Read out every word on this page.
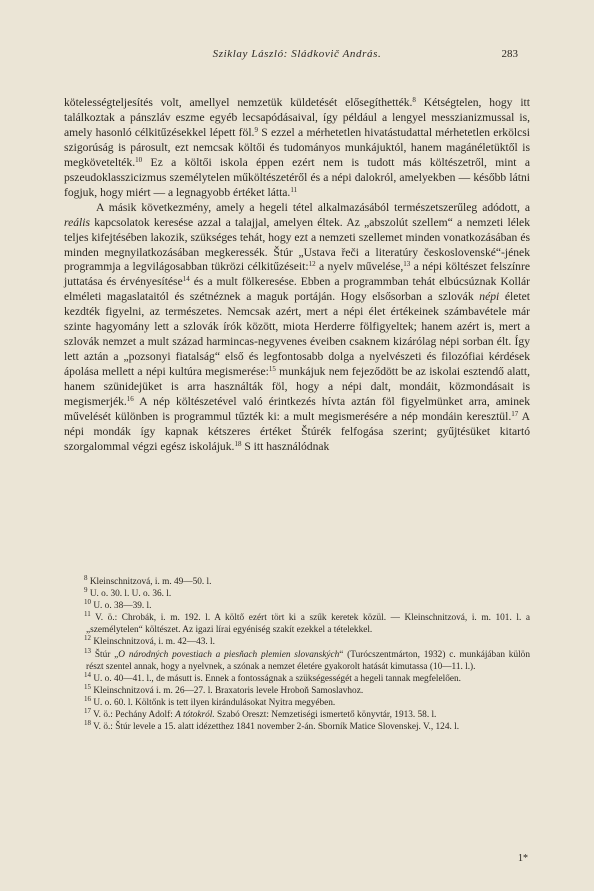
Sziklay László: Sládkovič András.	283

kötelességteljesítés volt, amellyel nemzetük küldetését elősegíthették.$^8$ Kétségtelen, hogy itt találkoztak a pánszláv eszme egyéb lecsapódásaival, így például a lengyel messzianizmussal is, amely hasonló célkitűzésekkel lépett föl.$^9$ S ezzel a mérhetetlen hivatástudattal mérhetetlen erkölcsi szigorúság is párosult, ezt nemcsak költői és tudományos munkájuktól, hanem magánéletüktől is megkövetelték.$^{10}$ Ez a költői iskola éppen ezért nem is tudott más költészetről, mint a pszeudoklasszicizmus személytelen műköltészetéről és a népi dalokról, amelyekben — később látni fogjuk, hogy miért — a legnagyobb értéket látta.$^{11}$

A másik következmény, amely a hegeli tétel alkalmazásából természetszerűleg adódott, a reális kapcsolatok keresése azzal a talajjal, amelyen éltek. Az „abszolút szellem“ a nemzeti lélek teljes kifejtésében lakozik, szükséges tehát, hogy ezt a nemzeti szellemet minden vonatkozásában és minden megnyilatkozásában megkeressék. Štúr „Ustava řeči a literatúry československé“-jének programmja a legvilágosabban tükrözi célkitűzéseit:$^{12}$ a nyelv művelése,$^{13}$ a népi költészet felszínre juttatása és érvényesítése$^{14}$ és a mult fölkeresése. Ebben a programmban tehát elbúcsúznak Kollár elméleti magaslataitól és szétnéznek a maguk portáján. Hogy elsősorban a szlovák népi életet kezdték figyelni, az természetes. Nemcsak azért, mert a népi élet értékeinek számbavétele már szinte hagyomány lett a szlovák írók között, miota Herderre fölfigyeltek; hanem azért is, mert a szlovák nemzet a mult század harmincas-negyvenes éveiben csaknem kizárólag népi sorban élt. Így lett aztán a „pozsonyi fiatalság“ első és legfontosabb dolga a nyelvészeti és filozófiai kérdések ápolása mellett a népi kultúra megismerése:$^{15}$ munkájuk nem fejeződött be az iskolai esztendő alatt, hanem szünidejüket is arra használták föl, hogy a népi dalt, mondáit, közmondásait is megismerjék.$^{16}$ A nép költészetével való érintkezés hívta aztán föl figyelmünket arra, aminek művelését különben is programmul tűzték ki: a mult megismerésére a nép mondáin keresztül.$^{17}$ A népi mondák így kapnak kétszeres értéket Štúrék felfogása szerint; gyűjtésüket kitartó szorgalommal végzi egész iskolájuk.$^{18}$ S itt használódnak

$^8$ Kleinschnitzová, i. m. 49—50. l.

$^9$ U. o. 30. l. U. o. 36. l.

$^{10}$ U. o. 38—39. l.

$^{11}$ V. ö.: Chrobák, i. m. 192. l. A költő ezért tört ki a szűk keretek közül. — Kleinschnitzová, i. m. 101. l. a „személytelen“ költészet. Az igazi lírai egyéniség szakít ezekkel a tételekkel.

$^{12}$ Kleinschnitzová, i. m. 42—43. l.

$^{13}$ Štúr „O národných povestiach a piesňach plemien slovanských“ (Turócszentmárton, 1932) c. munkájában külön részt szentel annak, hogy a nyelvnek, a szónak a nemzet életére gyakorolt hatását kimutassa (10—11. l.).

$^{14}$ U. o. 40—41. l., de másutt is. Ennek a fontosságnak a szükségességét a hegeli tannak megfelelően.

$^{15}$ Kleinschnitzová i. m. 26—27. l. Braxatoris levele Hroboň Samoslavhoz.

$^{16}$ U. o. 60. l. Költőnk is tett ilyen kirándulásokat Nyitra megyében.

$^{17}$ V. ö.: Pechány Adolf: A tótokról. Szabó Oreszt: Nemzetiségi ismertető könyvtár, 1913. 58. l.

$^{18}$ V. ö.: Štúr levele a 15. alatt idézetthez 1841 november 2-án. Sborník Matice Slovenskej. V., 124. l.

1*
